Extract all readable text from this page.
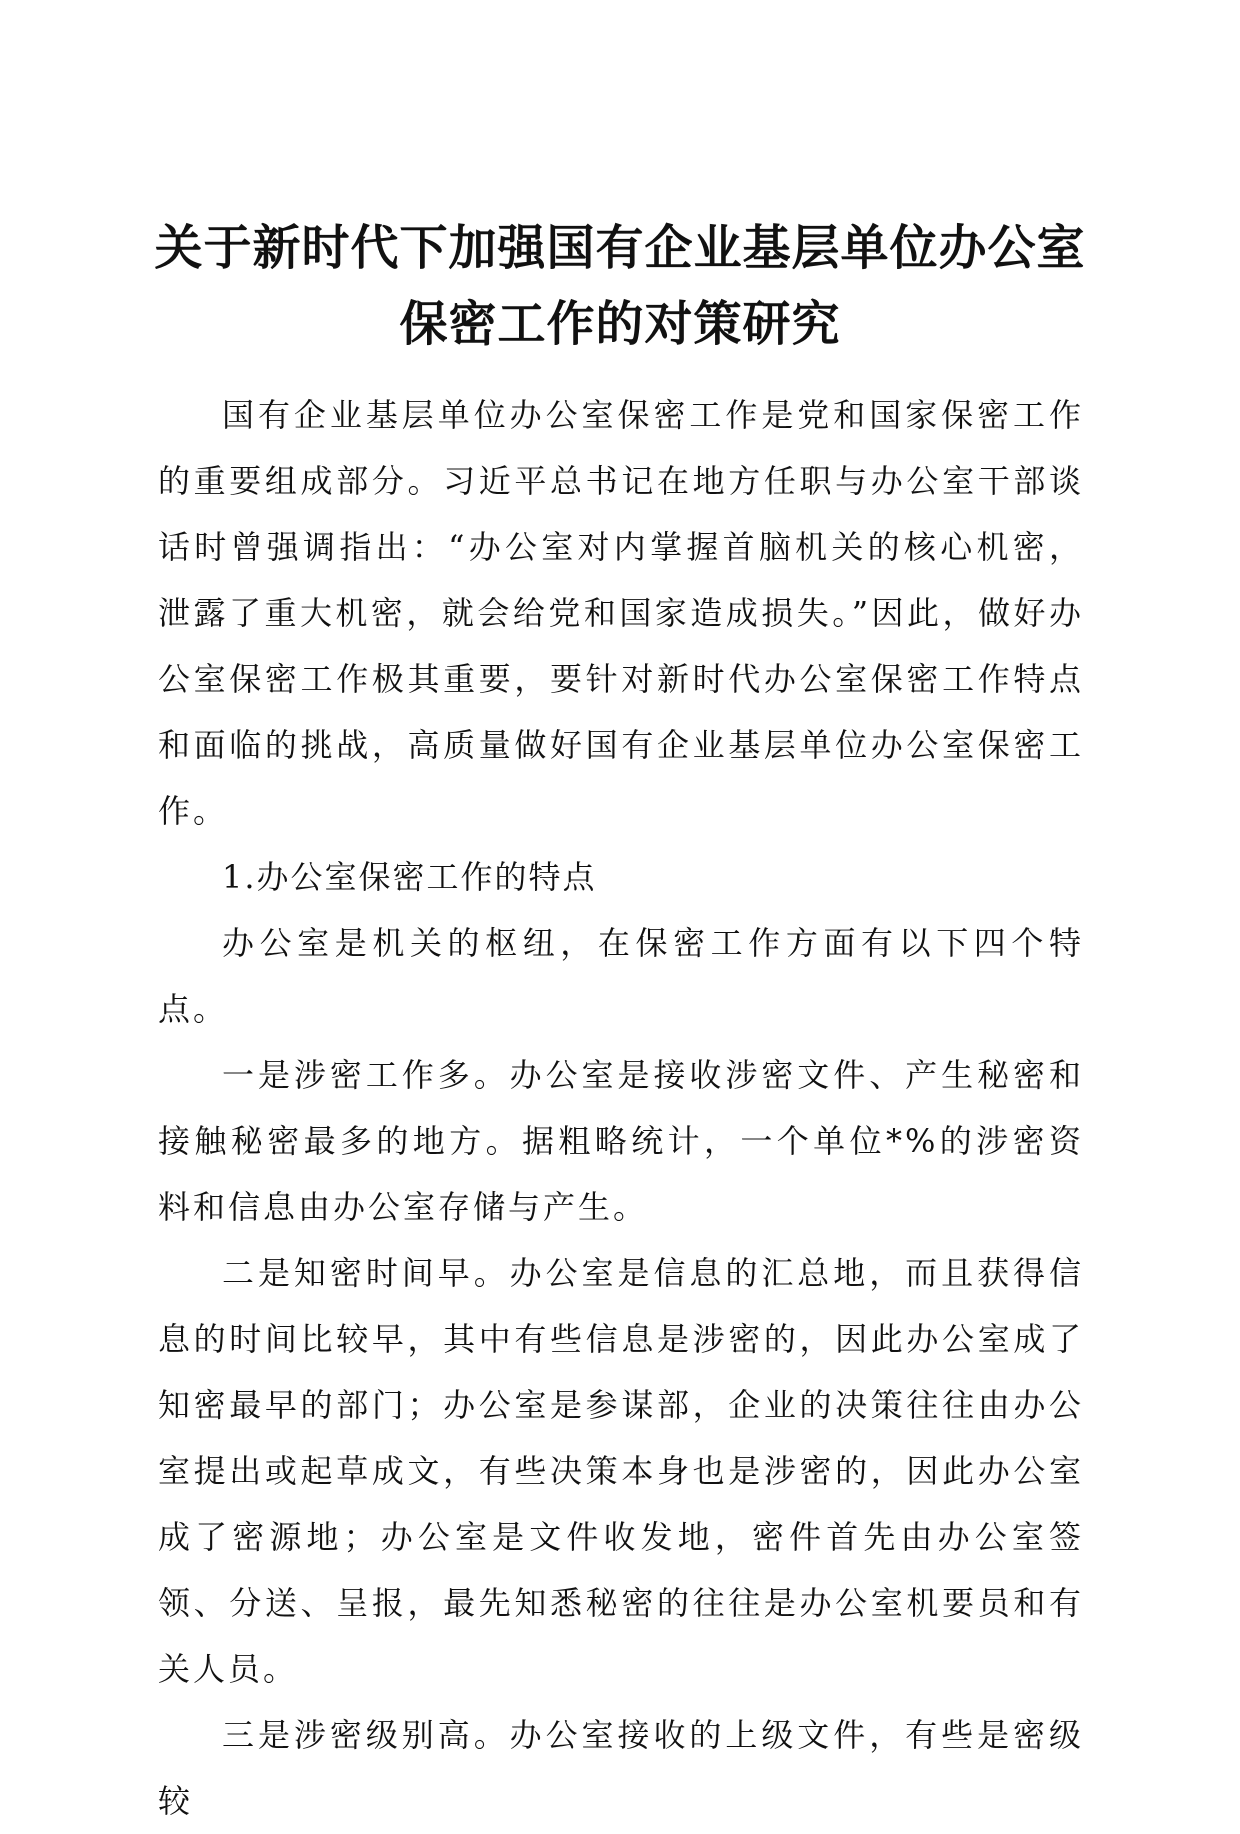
关于新时代下加强国有企业基层单位办公室保密工作的对策研究

国有企业基层单位办公室保密工作是党和国家保密工作的重要组成部分。习近平总书记在地方任职与办公室干部谈话时曾强调指出：“办公室对内掌握首脑机关的核心机密，泄露了重大机密，就会给党和国家造成损失。”因此，做好办公室保密工作极其重要，要针对新时代办公室保密工作特点和面临的挑战，高质量做好国有企业基层单位办公室保密工作。

1.办公室保密工作的特点

办公室是机关的枢纽，在保密工作方面有以下四个特点。

一是涉密工作多。办公室是接收涉密文件、产生秘密和接触秘密最多的地方。据粗略统计，一个单位*%的涉密资料和信息由办公室存储与产生。

二是知密时间早。办公室是信息的汇总地，而且获得信息的时间比较早，其中有些信息是涉密的，因此办公室成了知密最早的部门；办公室是参谋部，企业的决策往往由办公室提出或起草成文，有些决策本身也是涉密的，因此办公室成了密源地；办公室是文件收发地，密件首先由办公室签领、分送、呈报，最先知悉秘密的往往是办公室机要员和有关人员。

三是涉密级别高。办公室接收的上级文件，有些是密级较
